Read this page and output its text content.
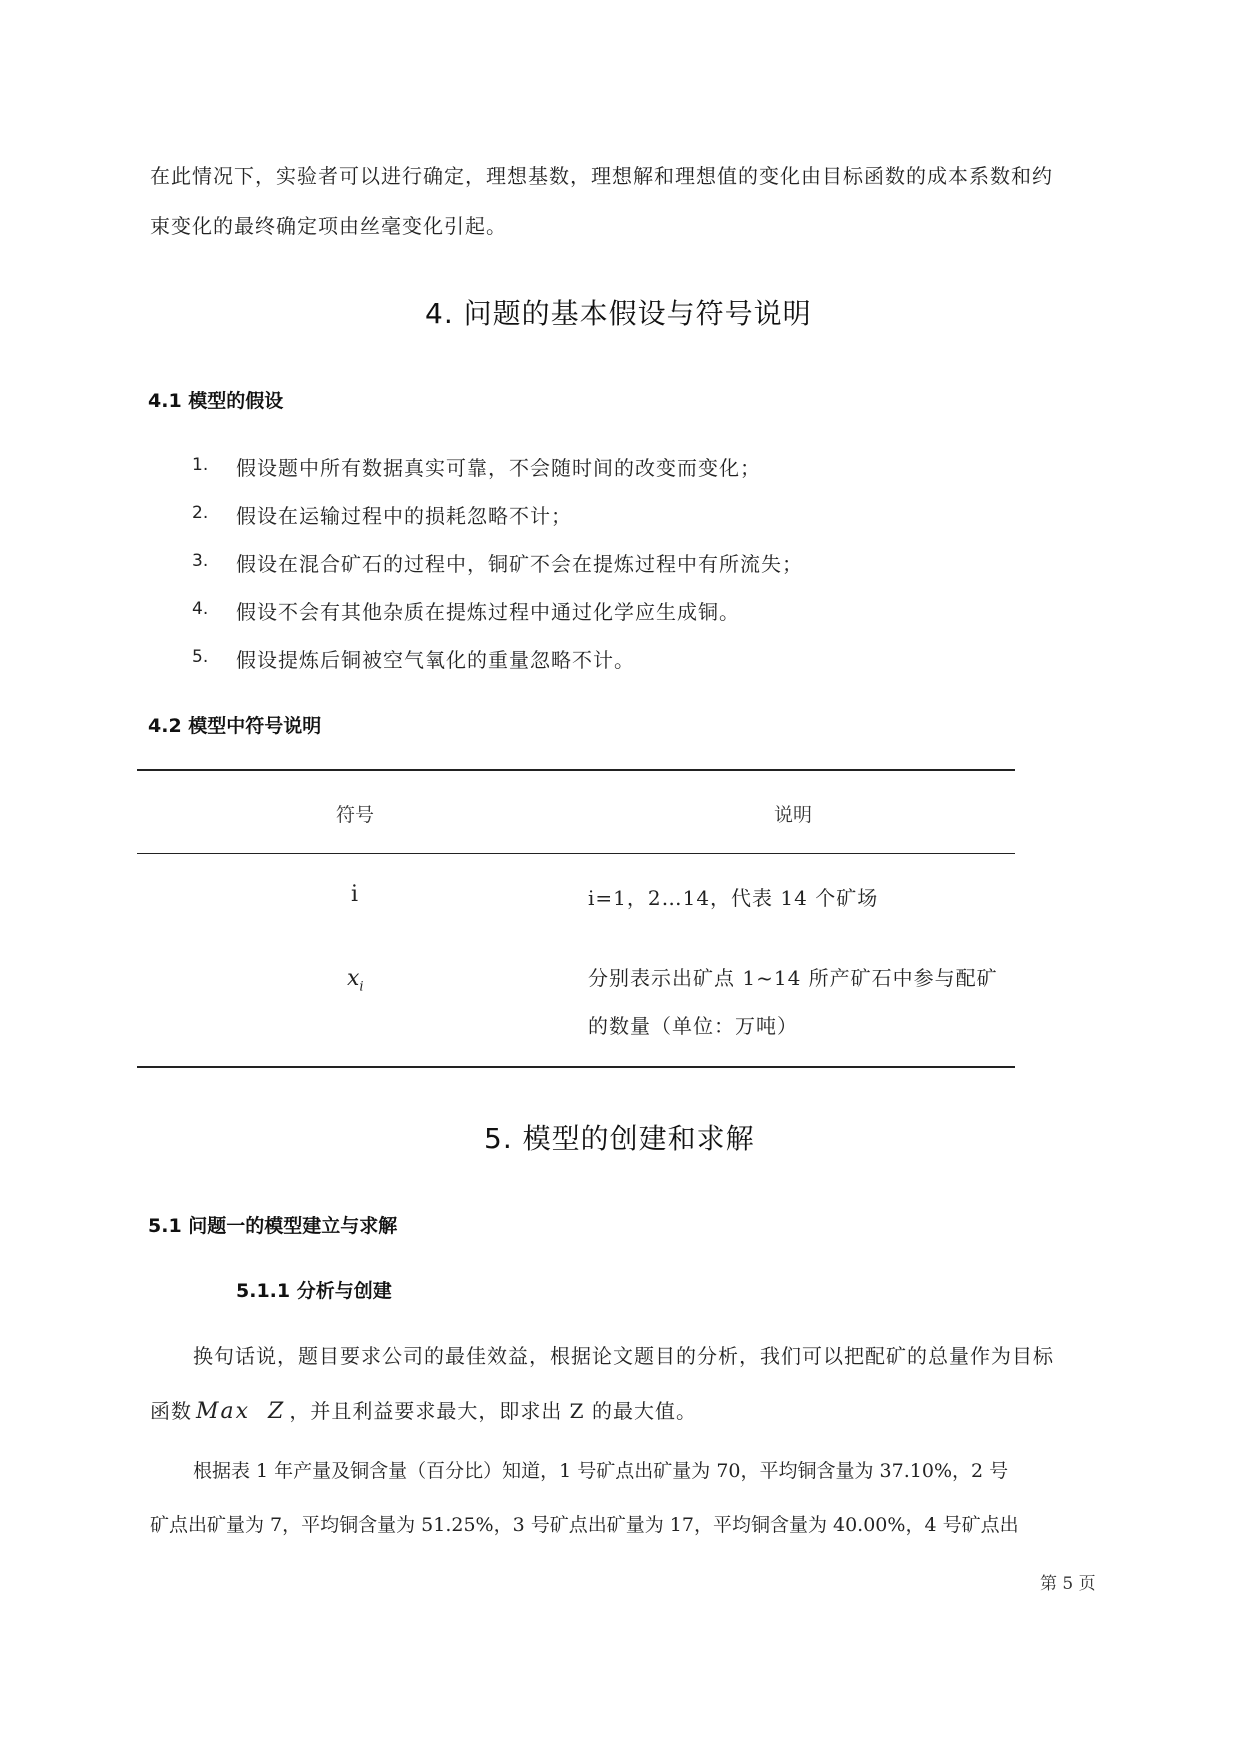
在此情况下，实验者可以进行确定，理想基数，理想解和理想值的变化由目标函数的成本系数和约
束变化的最终确定项由丝毫变化引起。
4. 问题的基本假设与符号说明
4.1 模型的假设
1. 假设题中所有数据真实可靠，不会随时间的改变而变化；
2. 假设在运输过程中的损耗忽略不计；
3. 假设在混合矿石的过程中，铜矿不会在提炼过程中有所流失；
4. 假设不会有其他杂质在提炼过程中通过化学应生成铜。
5. 假设提炼后铜被空气氧化的重量忽略不计。
4.2 模型中符号说明
符号	说明
i	i=1，2…14，代表 14 个矿场
$x_i$	分别表示出矿点 1~14 所产矿石中参与配矿
的数量（单位：万吨）
5. 模型的创建和求解
5.1 问题一的模型建立与求解
5.1.1 分析与创建
换句话说，题目要求公司的最佳效益，根据论文题目的分析，我们可以把配矿的总量作为目标
函数 Max  Z ，并且利益要求最大，即求出 Z 的最大值。
根据表 1 年产量及铜含量（百分比）知道，1 号矿点出矿量为 70，平均铜含量为 37.10%，2 号
矿点出矿量为 7，平均铜含量为 51.25%，3 号矿点出矿量为 17，平均铜含量为 40.00%，4 号矿点出
第 5 页
